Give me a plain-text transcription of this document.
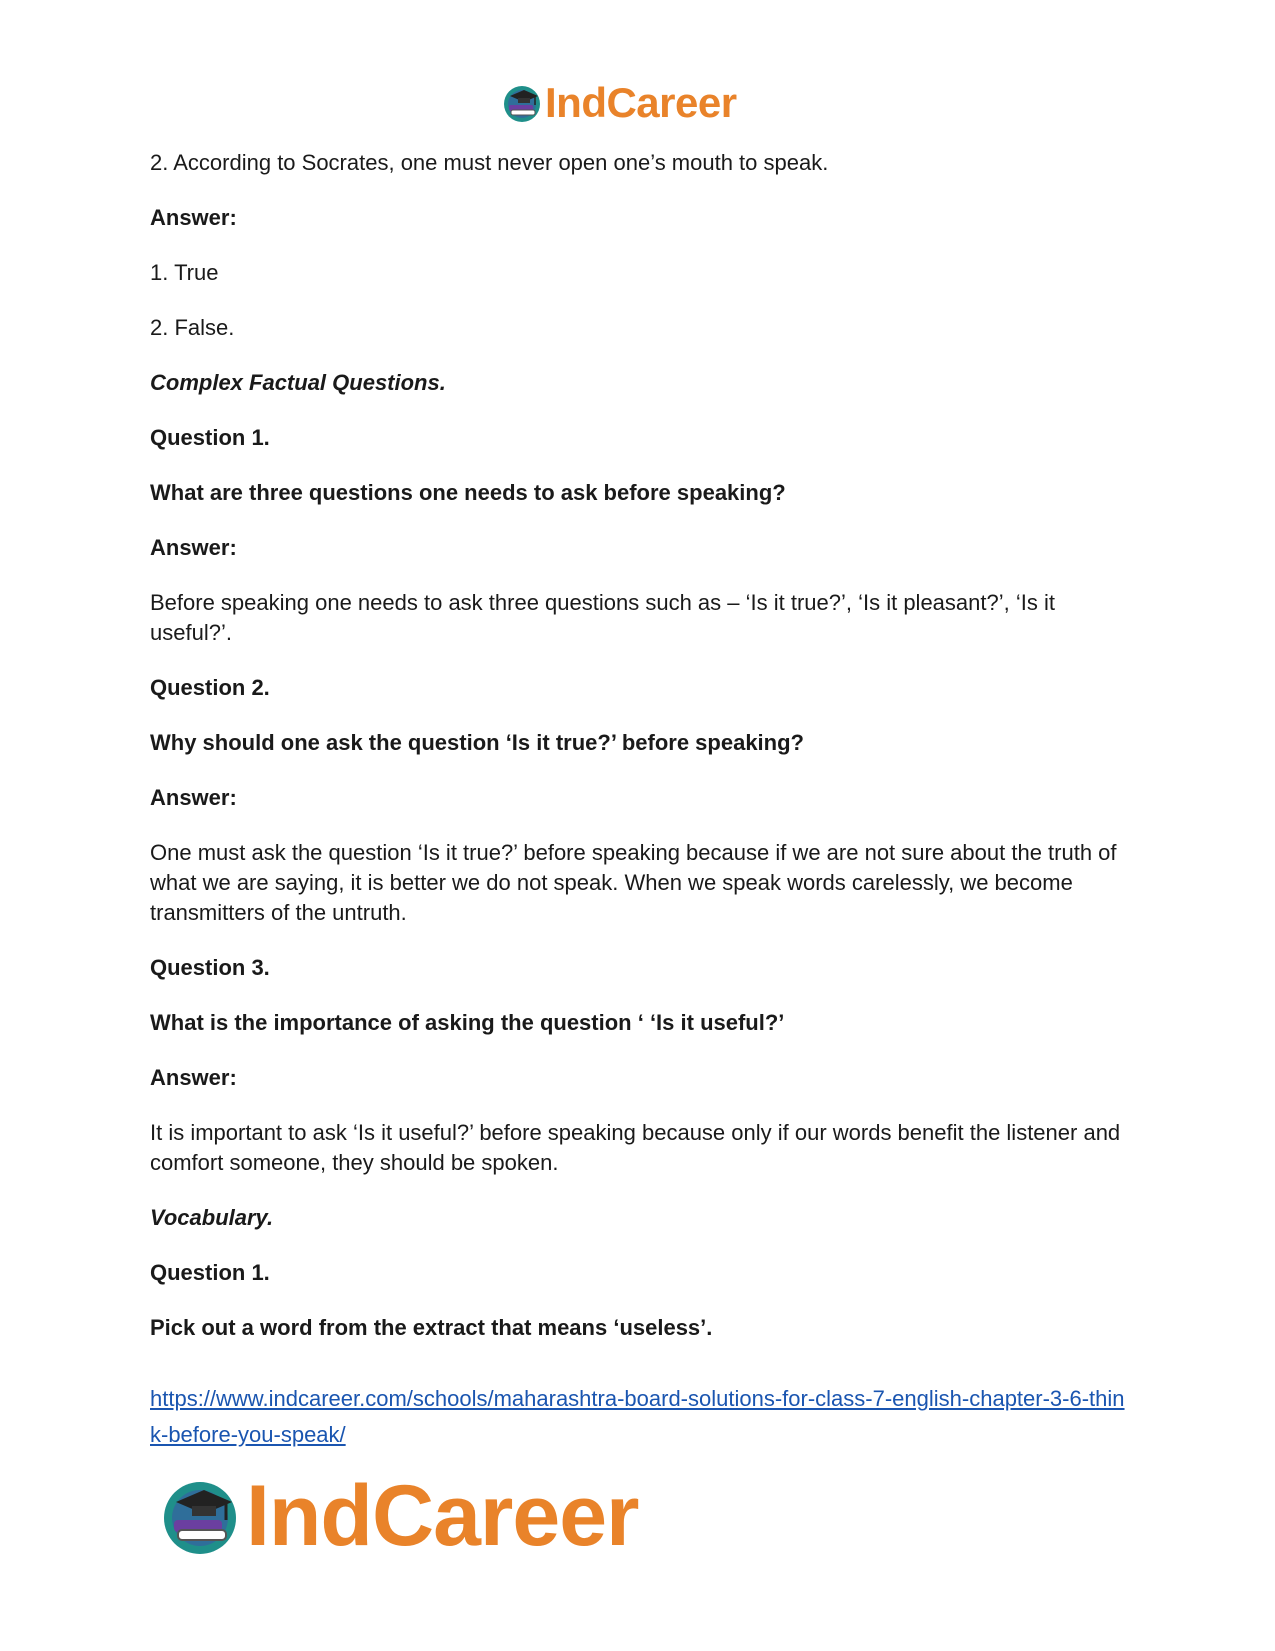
IndCareer

2. According to Socrates, one must never open one’s mouth to speak.

Answer:

1. True

2. False.

Complex Factual Questions.

Question 1.

What are three questions one needs to ask before speaking?

Answer:

Before speaking one needs to ask three questions such as – ‘Is it true?’, ‘Is it pleasant?’, ‘Is it useful?’.

Question 2.

Why should one ask the question ‘Is it true?’ before speaking?

Answer:

One must ask the question ‘Is it true?’ before speaking because if we are not sure about the truth of what we are saying, it is better we do not speak. When we speak words carelessly, we become transmitters of the untruth.

Question 3.

What is the importance of asking the question ‘ ‘Is it useful?’

Answer:

It is important to ask ‘Is it useful?’ before speaking because only if our words benefit the listener and comfort someone, they should be spoken.

Vocabulary.

Question 1.

Pick out a word from the extract that means ‘useless’.

https://www.indcareer.com/schools/maharashtra-board-solutions-for-class-7-english-chapter-3-6-think-before-you-speak/

IndCareer
